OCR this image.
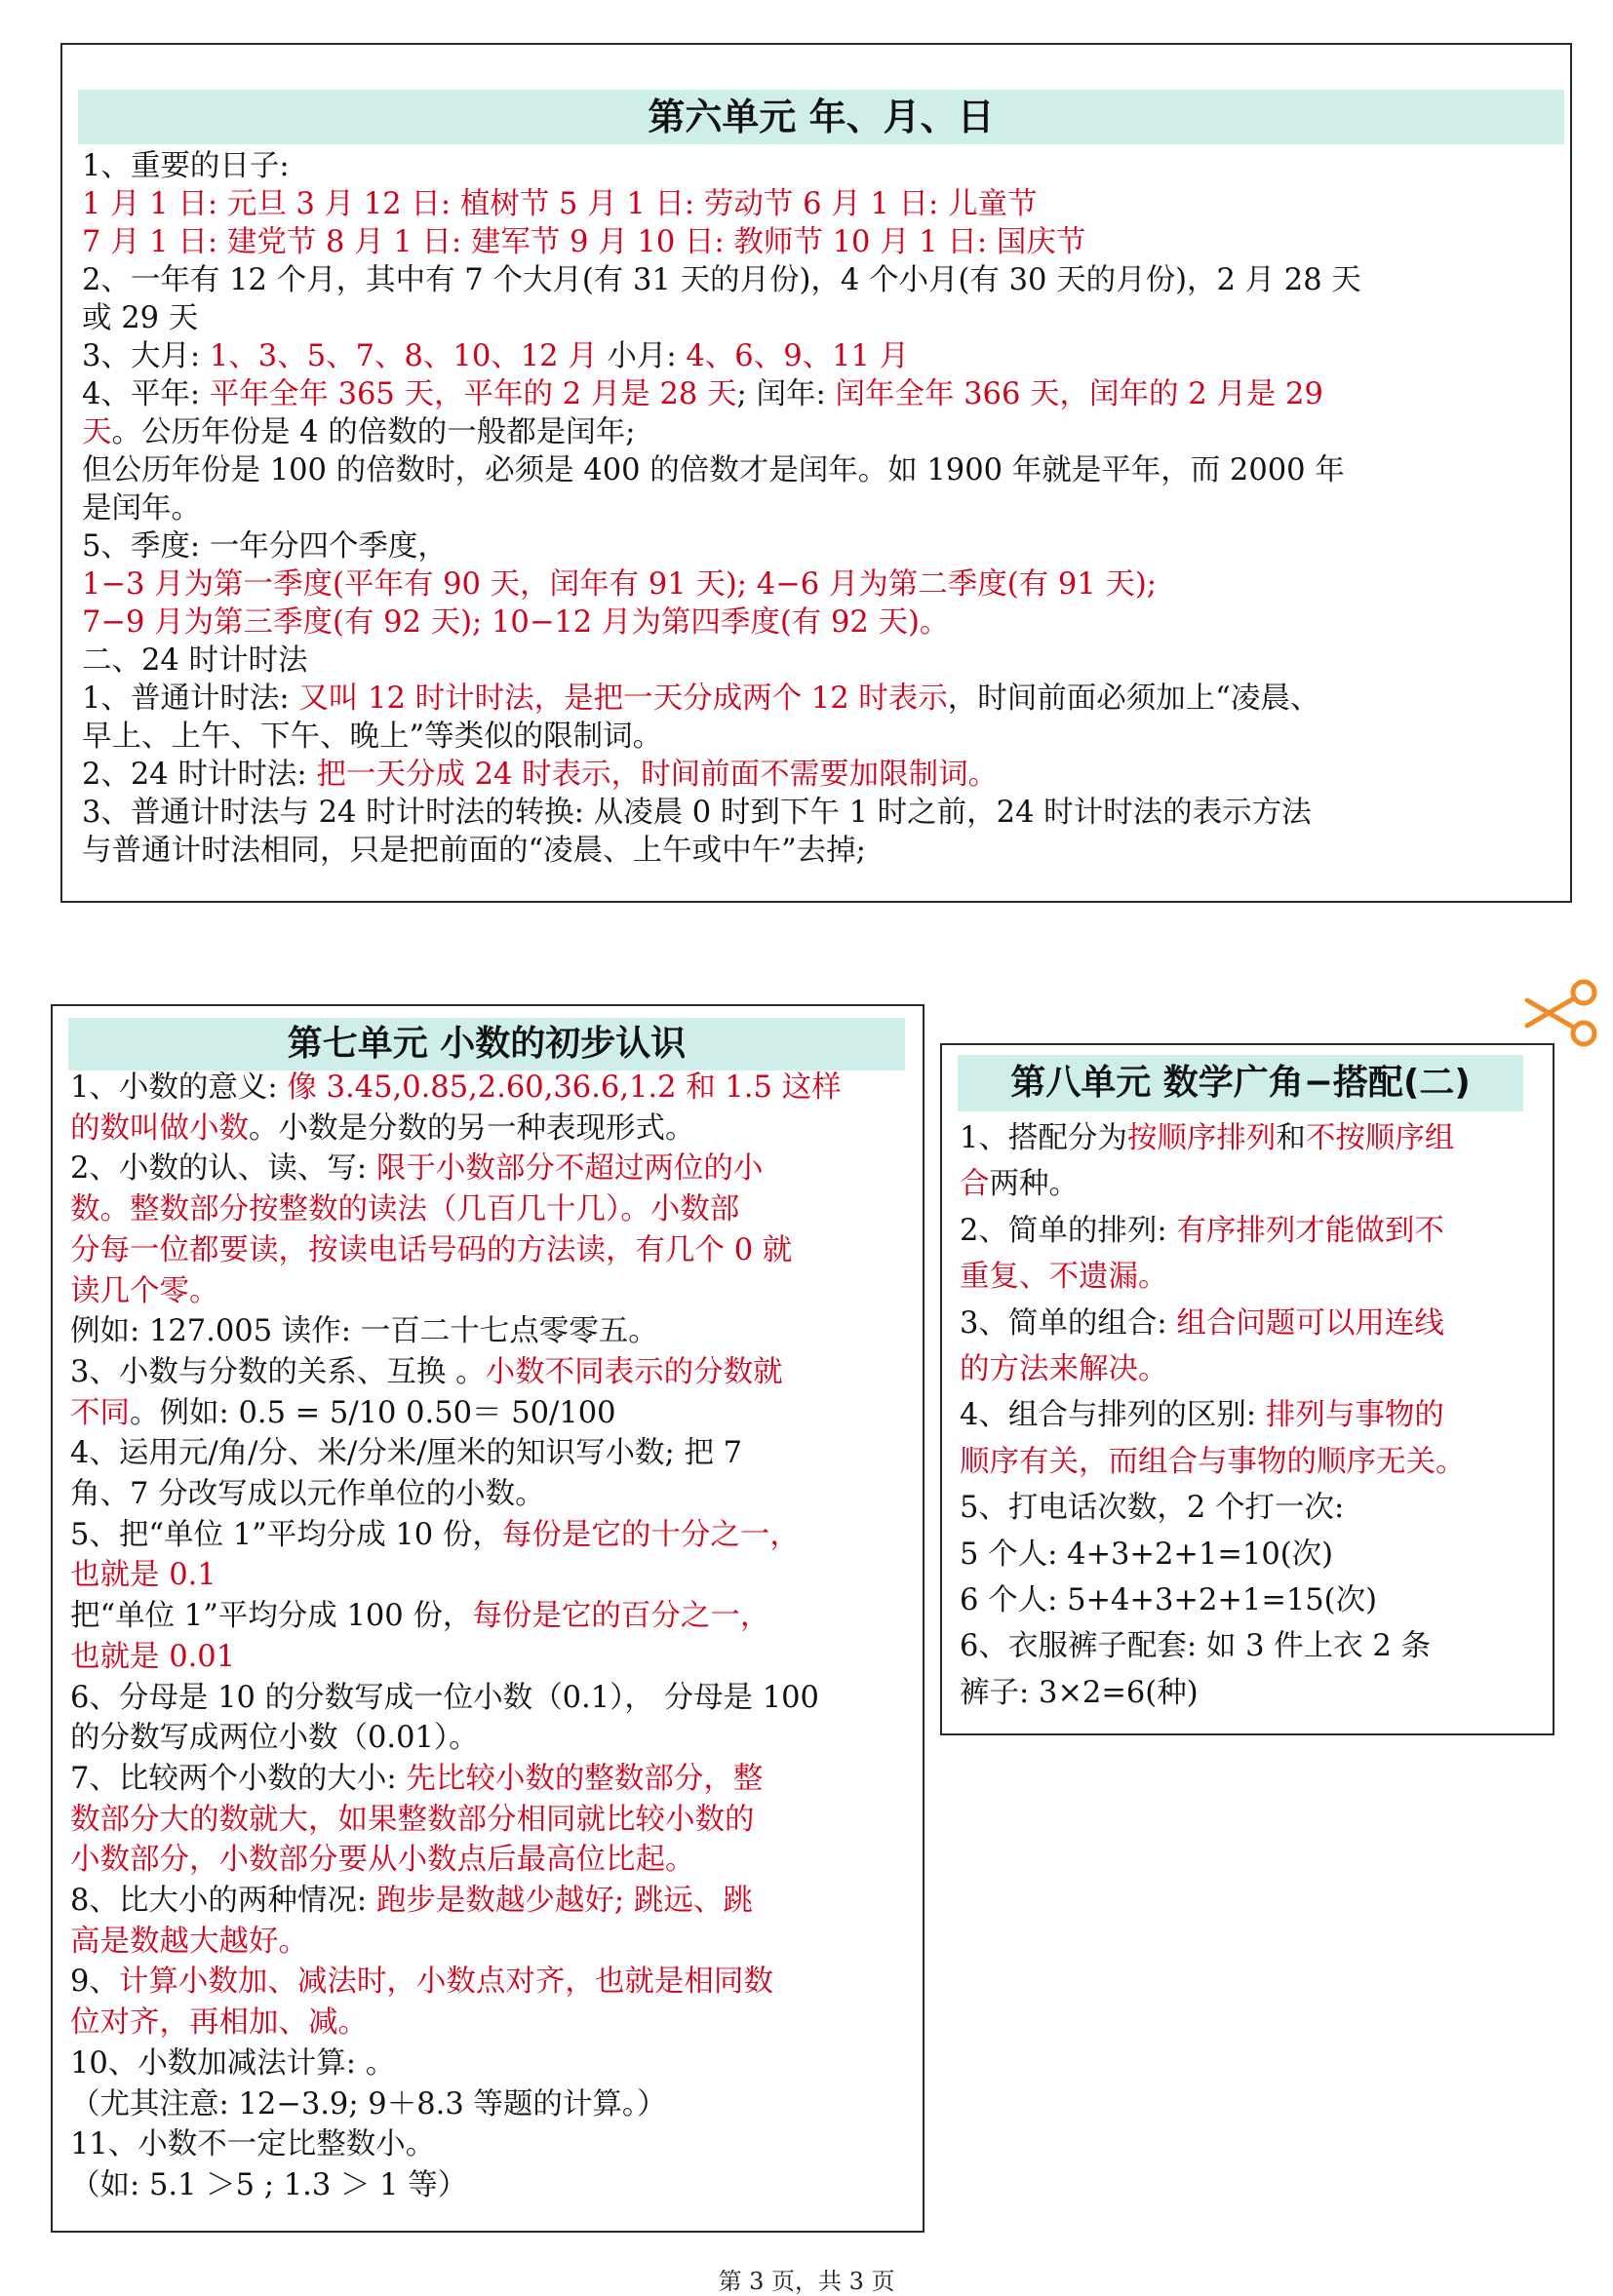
第六单元 年、月、日
1、重要的日子:
1 月 1 日: 元旦 3 月 12 日: 植树节 5 月 1 日: 劳动节 6 月 1 日: 儿童节
7 月 1 日: 建党节 8 月 1 日: 建军节 9 月 10 日: 教师节 10 月 1 日: 国庆节
2、一年有 12 个月，其中有 7 个大月(有 31 天的月份)，4 个小月(有 30 天的月份)，2 月 28 天
或 29 天
3、大月: 1、3、5、7、8、10、12 月 小月: 4、6、9、11 月
4、平年: 平年全年 365 天，平年的 2 月是 28 天; 闰年: 闰年全年 366 天，闰年的 2 月是 29
天。公历年份是 4 的倍数的一般都是闰年;
但公历年份是 100 的倍数时，必须是 400 的倍数才是闰年。如 1900 年就是平年，而 2000 年
是闰年。
5、季度: 一年分四个季度，
1−3 月为第一季度(平年有 90 天，闰年有 91 天); 4−6 月为第二季度(有 91 天);
7−9 月为第三季度(有 92 天); 10−12 月为第四季度(有 92 天)。
二、24 时计时法
1、普通计时法: 又叫 12 时计时法，是把一天分成两个 12 时表示，时间前面必须加上“凌晨、
早上、上午、下午、晚上”等类似的限制词。
2、24 时计时法: 把一天分成 24 时表示，时间前面不需要加限制词。
3、普通计时法与 24 时计时法的转换: 从凌晨 0 时到下午 1 时之前，24 时计时法的表示方法
与普通计时法相同，只是把前面的“凌晨、上午或中午”去掉;
第七单元 小数的初步认识
1、小数的意义: 像 3.45,0.85,2.60,36.6,1.2 和 1.5 这样
的数叫做小数。小数是分数的另一种表现形式。
2、小数的认、读、写: 限于小数部分不超过两位的小
数。整数部分按整数的读法（几百几十几）。小数部
分每一位都要读，按读电话号码的方法读，有几个 0 就
读几个零。
例如: 127.005 读作: 一百二十七点零零五。
3、小数与分数的关系、互换 。小数不同表示的分数就
不同。例如: 0.5 = 5/10 0.50＝ 50/100
4、运用元/角/分、米/分米/厘米的知识写小数; 把 7
角、7 分改写成以元作单位的小数。
5、把“单位 1”平均分成 10 份，每份是它的十分之一，
也就是 0.1
把“单位 1”平均分成 100 份，每份是它的百分之一，
也就是 0.01
6、分母是 10 的分数写成一位小数（0.1）， 分母是 100
的分数写成两位小数（0.01）。
7、比较两个小数的大小: 先比较小数的整数部分，整
数部分大的数就大，如果整数部分相同就比较小数的
小数部分，小数部分要从小数点后最高位比起。
8、比大小的两种情况: 跑步是数越少越好; 跳远、跳
高是数越大越好。
9、计算小数加、减法时，小数点对齐，也就是相同数
位对齐，再相加、减。
10、小数加减法计算: 。
（尤其注意: 12−3.9; 9＋8.3 等题的计算。）
11、小数不一定比整数小。
（如: 5.1 ＞5 ; 1.3 ＞ 1 等）
第八单元 数学广角−搭配(二)
1、搭配分为按顺序排列和不按顺序组
合两种。
2、简单的排列: 有序排列才能做到不
重复、不遗漏。
3、简单的组合: 组合问题可以用连线
的方法来解决。
4、组合与排列的区别: 排列与事物的
顺序有关，而组合与事物的顺序无关。
5、打电话次数，2 个打一次:
5 个人: 4+3+2+1=10(次)
6 个人: 5+4+3+2+1=15(次)
6、衣服裤子配套: 如 3 件上衣 2 条
裤子: 3×2=6(种)
第 3 页，共 3 页
